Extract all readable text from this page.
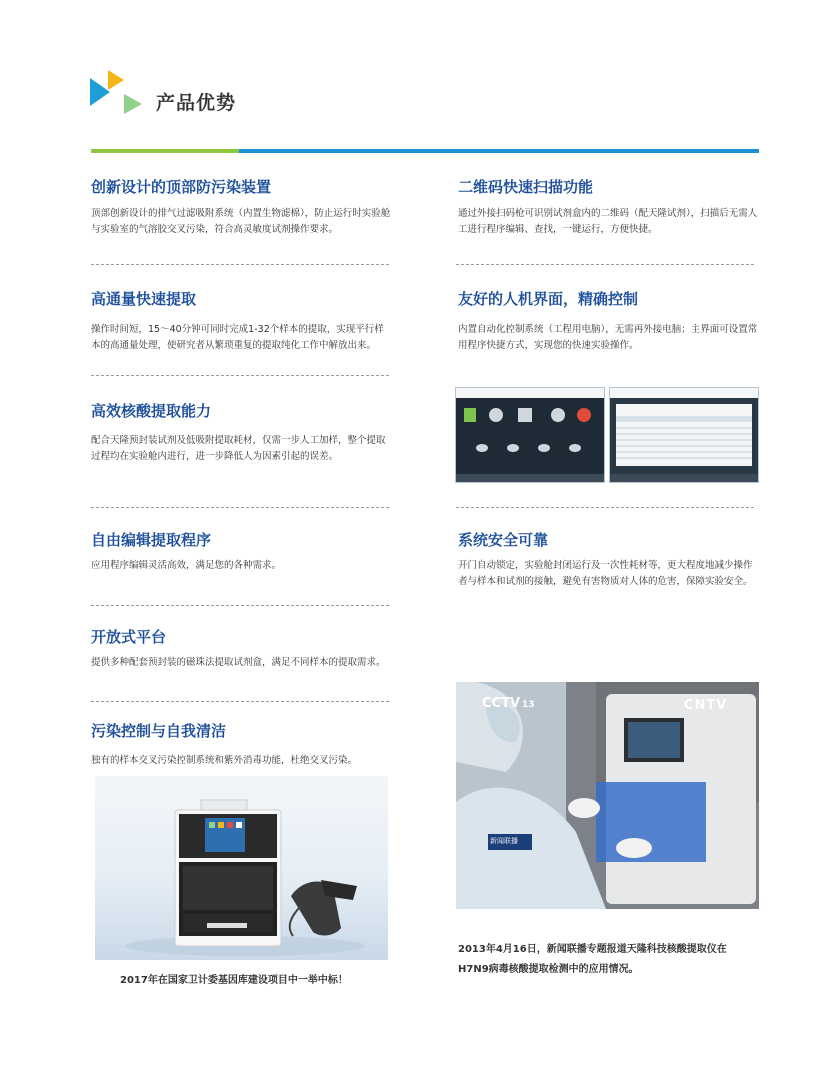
产品优势
创新设计的顶部防污染装置
顶部创新设计的排气过滤吸附系统（内置生物滤棉），防止运行时实验舱与实验室的气溶胶交叉污染，符合高灵敏度试剂操作要求。
高通量快速提取
操作时间短，15～40分钟可同时完成1-32个样本的提取，实现平行样本的高通量处理，使研究者从繁琐重复的提取纯化工作中解放出来。
高效核酸提取能力
配合天隆预封装试剂及低吸附提取耗材，仅需一步人工加样，整个提取过程均在实验舱内进行，进一步降低人为因素引起的误差。
自由编辑提取程序
应用程序编辑灵活高效，满足您的各种需求。
开放式平台
提供多种配套预封装的磁珠法提取试剂盒，满足不同样本的提取需求。
污染控制与自我清洁
独有的样本交叉污染控制系统和紫外消毒功能，杜绝交叉污染。
2017年在国家卫计委基因库建设项目中一举中标！
二维码快速扫描功能
通过外接扫码枪可识别试剂盒内的二维码（配天隆试剂），扫描后无需人工进行程序编辑、查找，一键运行，方便快捷。
友好的人机界面，精确控制
内置自动化控制系统（工程用电脑），无需再外接电脑；主界面可设置常用程序快捷方式，实现您的快速实验操作。
系统安全可靠
开门自动锁定，实验舱封闭运行及一次性耗材等，更大程度地减少操作者与样本和试剂的接触，避免有害物质对人体的危害，保障实验安全。
CCTV 13	CNTV
新闻联播
2013年4月16日，新闻联播专题报道天隆科技核酸提取仪在
H7N9病毒核酸提取检测中的应用情况。
